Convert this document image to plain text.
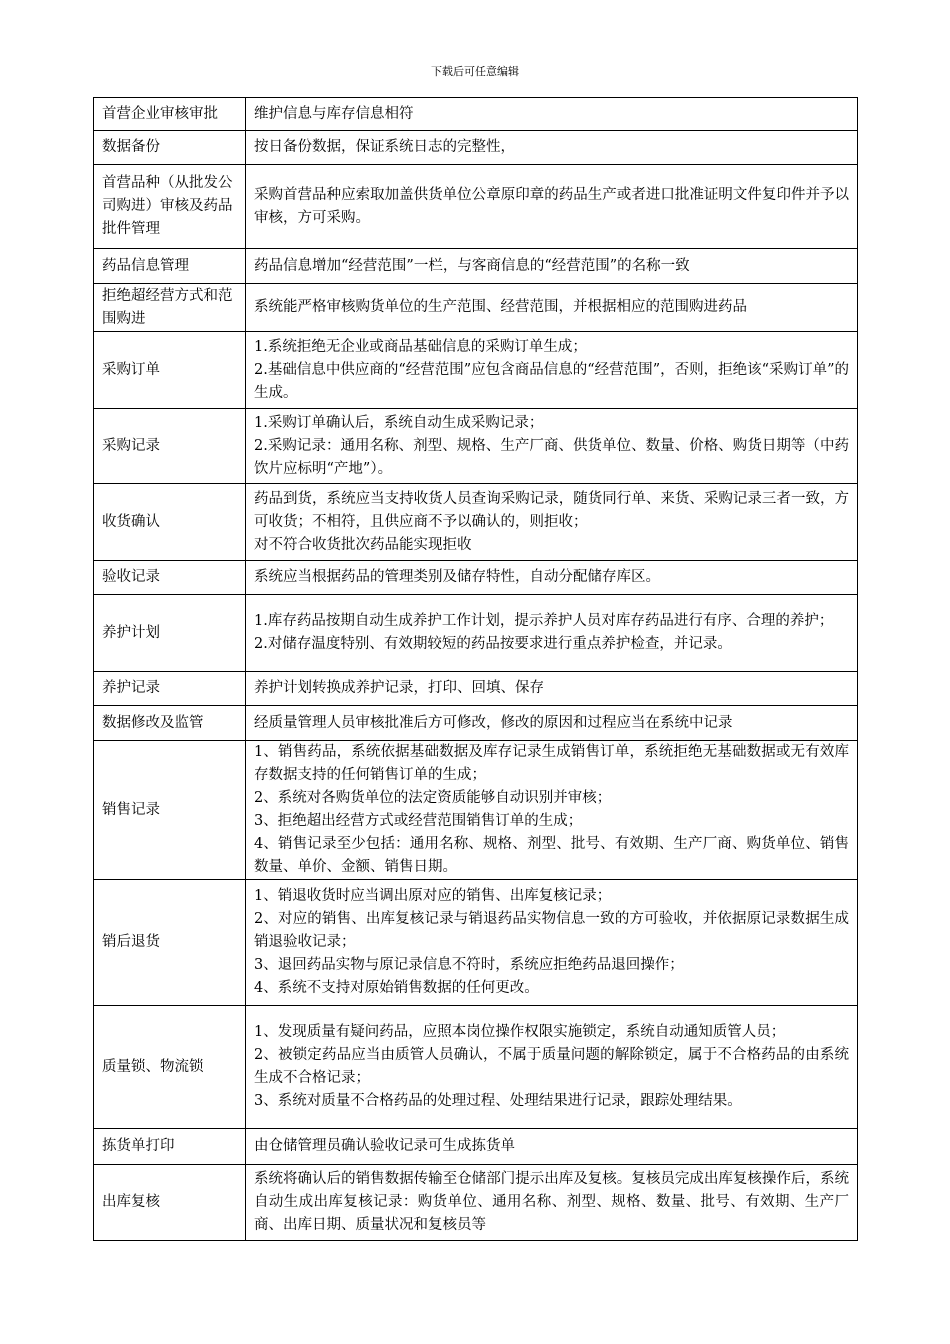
下载后可任意编辑
首营企业审核审批	维护信息与库存信息相符

数据备份	按日备份数据，保证系统日志的完整性，

首营品种（从批发公司购进）审核及药品批件管理	采购首营品种应索取加盖供货单位公章原印章的药品生产或者进口批准证明文件复印件并予以审核，方可采购。

药品信息管理	药品信息增加“经营范围”一栏，与客商信息的“经营范围”的名称一致

拒绝超经营方式和范围购进	系统能严格审核购货单位的生产范围、经营范围，并根据相应的范围购进药品

采购订单	1.系统拒绝无企业或商品基础信息的采购订单生成；
2.基础信息中供应商的“经营范围”应包含商品信息的“经营范围”，否则，拒绝该“采购订单”的生成。

采购记录	1.采购订单确认后，系统自动生成采购记录；
2.采购记录：通用名称、剂型、规格、生产厂商、供货单位、数量、价格、购货日期等（中药饮片应标明“产地”）。

收货确认	药品到货，系统应当支持收货人员查询采购记录，随货同行单、来货、采购记录三者一致，方可收货；不相符，且供应商不予以确认的，则拒收；
对不符合收货批次药品能实现拒收

验收记录	系统应当根据药品的管理类别及储存特性，自动分配储存库区。

养护计划	1.库存药品按期自动生成养护工作计划，提示养护人员对库存药品进行有序、合理的养护；
2.对储存温度特别、有效期较短的药品按要求进行重点养护检查，并记录。

养护记录	养护计划转换成养护记录，打印、回填、保存

数据修改及监管	经质量管理人员审核批准后方可修改，修改的原因和过程应当在系统中记录

销售记录	1、销售药品，系统依据基础数据及库存记录生成销售订单，系统拒绝无基础数据或无有效库存数据支持的任何销售订单的生成；
2、系统对各购货单位的法定资质能够自动识别并审核；
3、拒绝超出经营方式或经营范围销售订单的生成；
4、销售记录至少包括：通用名称、规格、剂型、批号、有效期、生产厂商、购货单位、销售数量、单价、金额、销售日期。

销后退货	1、销退收货时应当调出原对应的销售、出库复核记录；
2、对应的销售、出库复核记录与销退药品实物信息一致的方可验收，并依据原记录数据生成销退验收记录；
3、退回药品实物与原记录信息不符时，系统应拒绝药品退回操作；
4、系统不支持对原始销售数据的任何更改。

质量锁、物流锁	1、发现质量有疑问药品，应照本岗位操作权限实施锁定，系统自动通知质管人员；
2、被锁定药品应当由质管人员确认，不属于质量问题的解除锁定，属于不合格药品的由系统生成不合格记录；
3、系统对质量不合格药品的处理过程、处理结果进行记录，跟踪处理结果。

拣货单打印	由仓储管理员确认验收记录可生成拣货单

出库复核	系统将确认后的销售数据传输至仓储部门提示出库及复核。复核员完成出库复核操作后，系统自动生成出库复核记录：购货单位、通用名称、剂型、规格、数量、批号、有效期、生产厂商、出库日期、质量状况和复核员等
